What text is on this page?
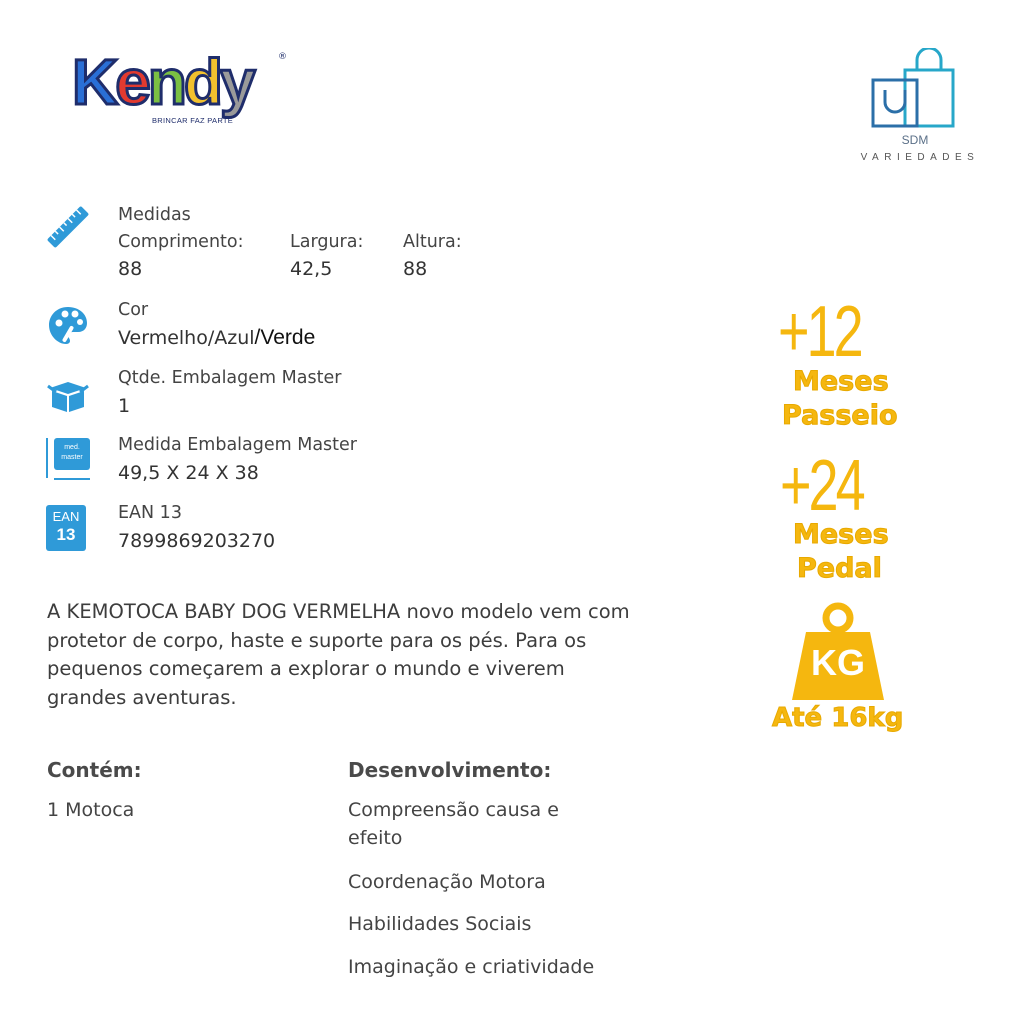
Kendy
BRINCAR FAZ PARTE
®
SDM
VARIEDADES
Medidas
Comprimento:
88
Largura:
42,5
Altura:
88
Cor
Vermelho/Azul/Verde
Qtde. Embalagem Master
1
med.
master
Medida Embalagem Master
49,5 X 24 X 38
EAN
13
EAN 13
7899869203270
A KEMOTOCA BABY DOG VERMELHA novo modelo vem com protetor de corpo, haste e suporte para os pés. Para os pequenos começarem a explorar o mundo e viverem grandes aventuras.
Contém:
1 Motoca
Desenvolvimento:
Compreensão causa e efeito
Coordenação Motora
Habilidades Sociais
Imaginação e criatividade
+12
Meses
Passeio
+24
Meses
Pedal
KG
Até 16kg
